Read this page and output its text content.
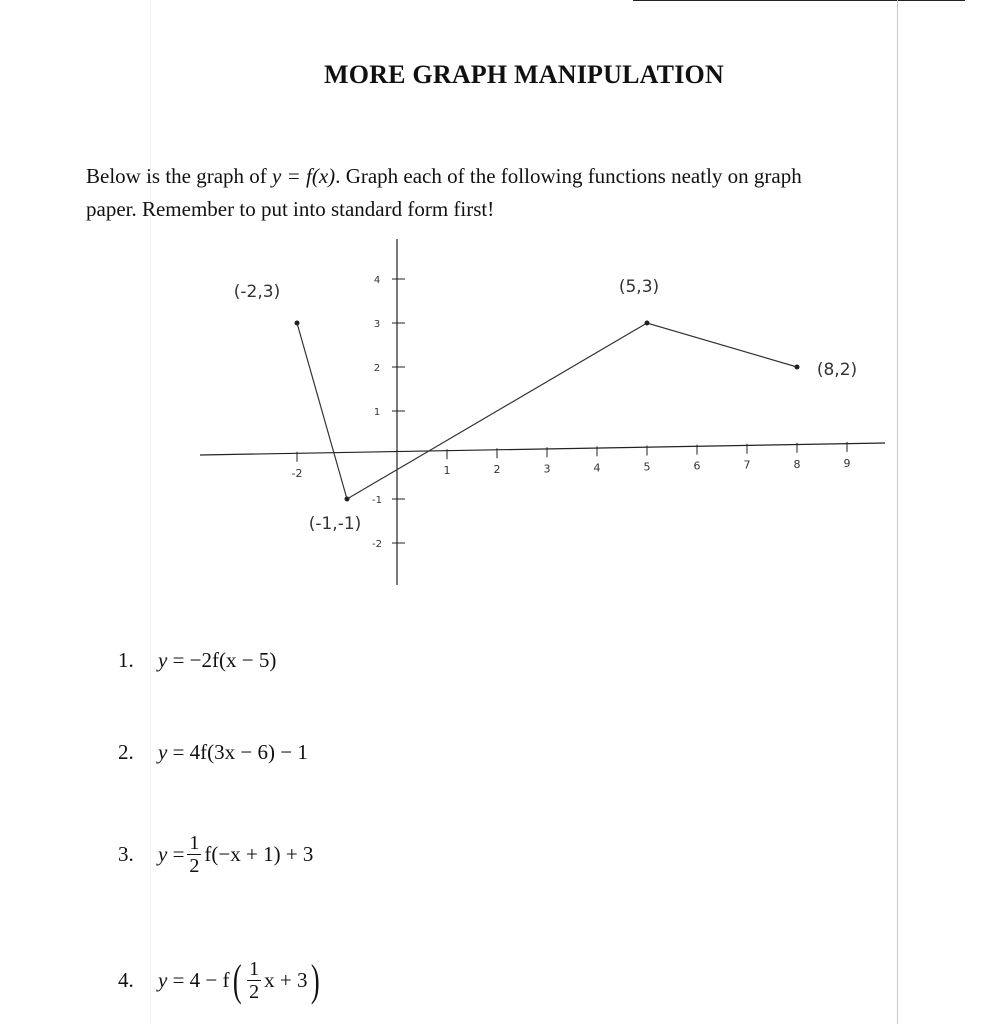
MORE GRAPH MANIPULATION
Below is the graph of y = f(x). Graph each of the following functions neatly on graph
paper. Remember to put into standard form first!
-2	1	2	3	4	5	6	7	8	9
-2
-1
1
2
3
4
(-2,3)
(-1,-1)
(5,3)
(8,2)
1.	y
=
−2f(x − 5)
2.	y
=
4f(3x − 6) − 1
3.	y
= $\frac{1}{2} f(-x + 1) + 3$
4.	y
=
4 − f ( $\frac{1}{2}$ x + 3 )
